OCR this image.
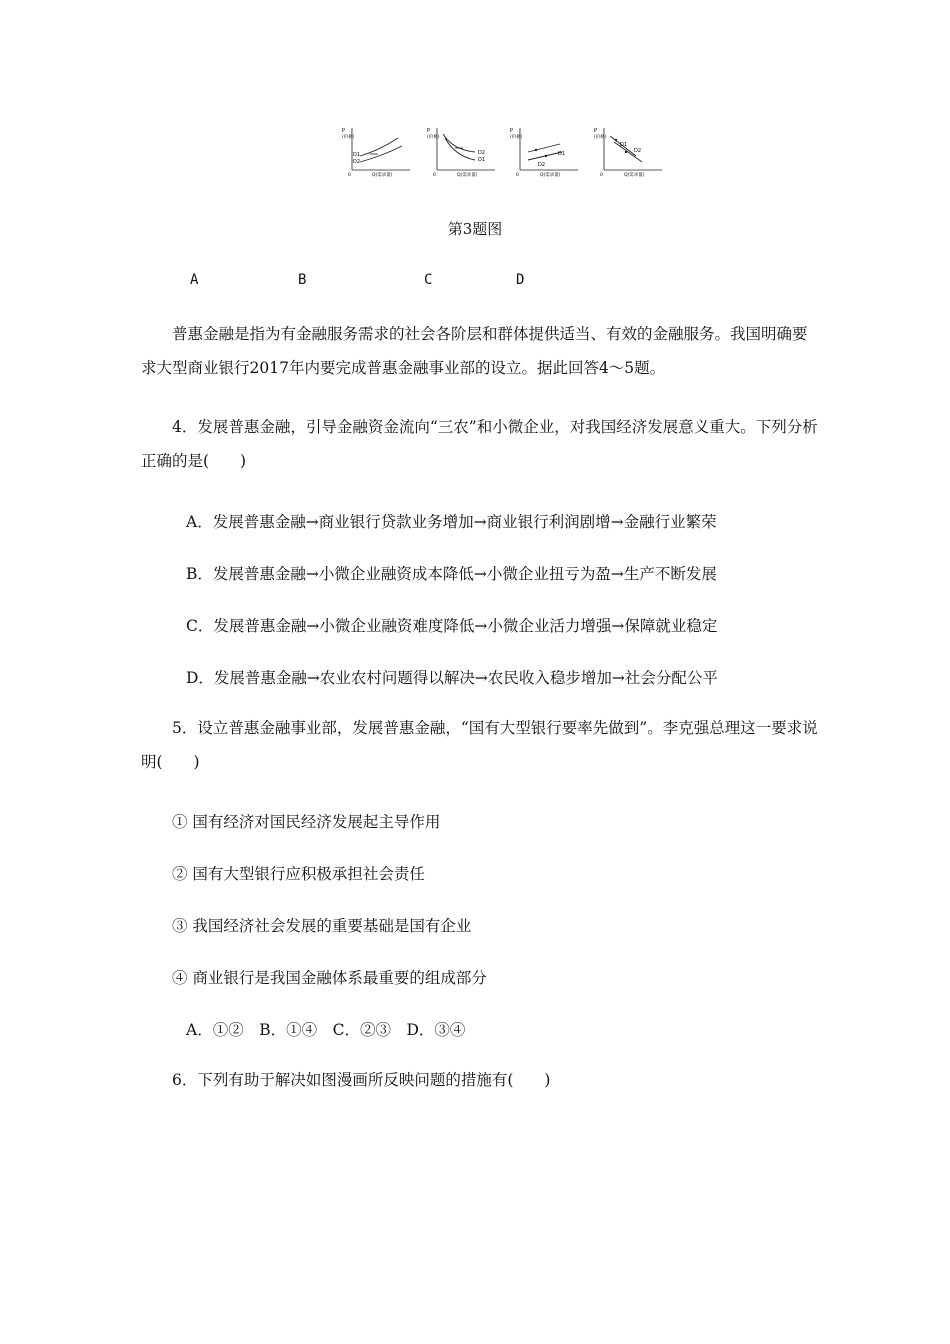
P
(价格)
0	Q(需求量)
D1
D2
P
(价格)
0	Q(需求量)
D2
D1
P
(价格)
0	Q(需求量)
D1
D2
P
(价格)
0	Q(需求量)
D1
D2
第3题图
A	B	C	D
普惠金融是指为有金融服务需求的社会各阶层和群体提供适当、有效的金融服务。我国明确要求大型商业银行2017年内要完成普惠金融事业部的设立。据此回答4～5题。
4．发展普惠金融，引导金融资金流向“三农”和小微企业，对我国经济发展意义重大。下列分析正确的是(　　)
A．发展普惠金融→商业银行贷款业务增加→商业银行利润剧增→金融行业繁荣
B．发展普惠金融→小微企业融资成本降低→小微企业扭亏为盈→生产不断发展
C．发展普惠金融→小微企业融资难度降低→小微企业活力增强→保障就业稳定
D．发展普惠金融→农业农村问题得以解决→农民收入稳步增加→社会分配公平
5．设立普惠金融事业部，发展普惠金融，“国有大型银行要率先做到”。李克强总理这一要求说明(　　)
① 国有经济对国民经济发展起主导作用
② 国有大型银行应积极承担社会责任
③ 我国经济社会发展的重要基础是国有企业
④ 商业银行是我国金融体系最重要的组成部分
A．①②　B．①④　C．②③　D．③④
6．下列有助于解决如图漫画所反映问题的措施有(　　)
